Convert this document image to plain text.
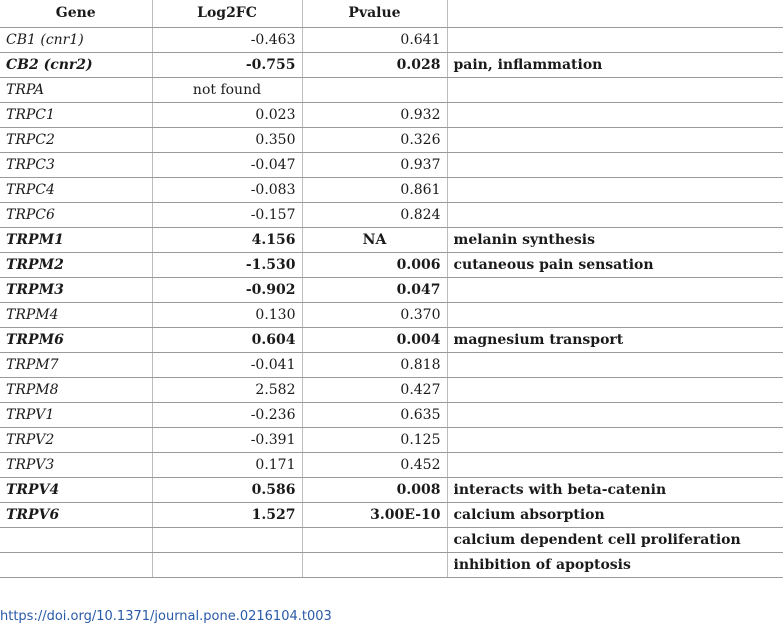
Gene	Log2FC	Pvalue	
CB1 (cnr1)	-0.463	0.641	
CB2 (cnr2)	-0.755	0.028	pain, inflammation
TRPA	not found		
TRPC1	0.023	0.932	
TRPC2	0.350	0.326	
TRPC3	-0.047	0.937	
TRPC4	-0.083	0.861	
TRPC6	-0.157	0.824	
TRPM1	4.156	NA	melanin synthesis
TRPM2	-1.530	0.006	cutaneous pain sensation
TRPM3	-0.902	0.047	
TRPM4	0.130	0.370	
TRPM6	0.604	0.004	magnesium transport
TRPM7	-0.041	0.818	
TRPM8	2.582	0.427	
TRPV1	-0.236	0.635	
TRPV2	-0.391	0.125	
TRPV3	0.171	0.452	
TRPV4	0.586	0.008	interacts with beta-catenin
TRPV6	1.527	3.00E-10	calcium absorption
			calcium dependent cell proliferation
			inhibition of apoptosis
https://doi.org/10.1371/journal.pone.0216104.t003
